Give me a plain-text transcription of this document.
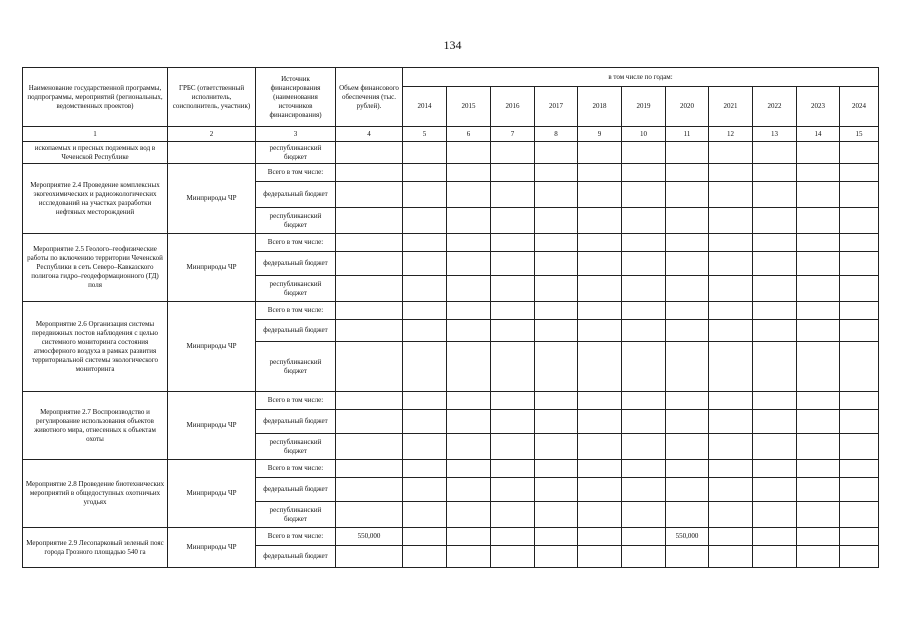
134
Наименование государственной программы, подпрограммы, мероприятий (региональных, ведомственных проектов)	ГРБС (ответственный исполнитель, соисполнитель, участник)	Источник финансирования (наименования источников финансирования)	Объем финансового обеспечения (тыс. рублей).	в том числе по годам:										
				2014	2015	2016	2017	2018	2019	2020	2021	2022	2023	2024
1	2	3	4	5	6	7	8	9	10	11	12	13	14	15
ископаемых и пресных подземных вод в Чеченской Республике		республиканский бюджет												
Мероприятие 2.4 Проведение комплексных экогеохимических и радиоэкологических исследований на участках разработки нефтяных месторождений	Минприроды ЧР	Всего в том числе:												
		федеральный бюджет												
		республиканский бюджет												
Мероприятие 2.5 Геолого–геофизические работы по включению территории Чеченской Республики в сеть Северо–Кавказского полигона гидро–геодеформационного (ГД) поля	Минприроды ЧР	Всего в том числе:												
		федеральный бюджет												
		республиканский бюджет												
Мероприятие 2.6 Организация системы передвижных постов наблюдения с целью системного мониторинга состояния атмосферного воздуха в рамках развития территориальной системы экологического мониторинга	Минприроды ЧР	Всего в том числе:												
		федеральный бюджет												
		республиканский бюджет												
Мероприятие 2.7 Воспроизводство и регулирование использования объектов животного мира, отнесенных к объектам охоты	Минприроды ЧР	Всего в том числе:												
		федеральный бюджет												
		республиканский бюджет												
Мероприятие 2.8 Проведение биотехнических мероприятий в общедоступных охотничьих угодьях	Минприроды ЧР	Всего в том числе:												
		федеральный бюджет												
		республиканский бюджет												
Мероприятие 2.9 Лесопарковый зеленый пояс города Грозного площадью 540 га	Минприроды ЧР	Всего в том числе:	550,000							550,000				
		федеральный бюджет												
